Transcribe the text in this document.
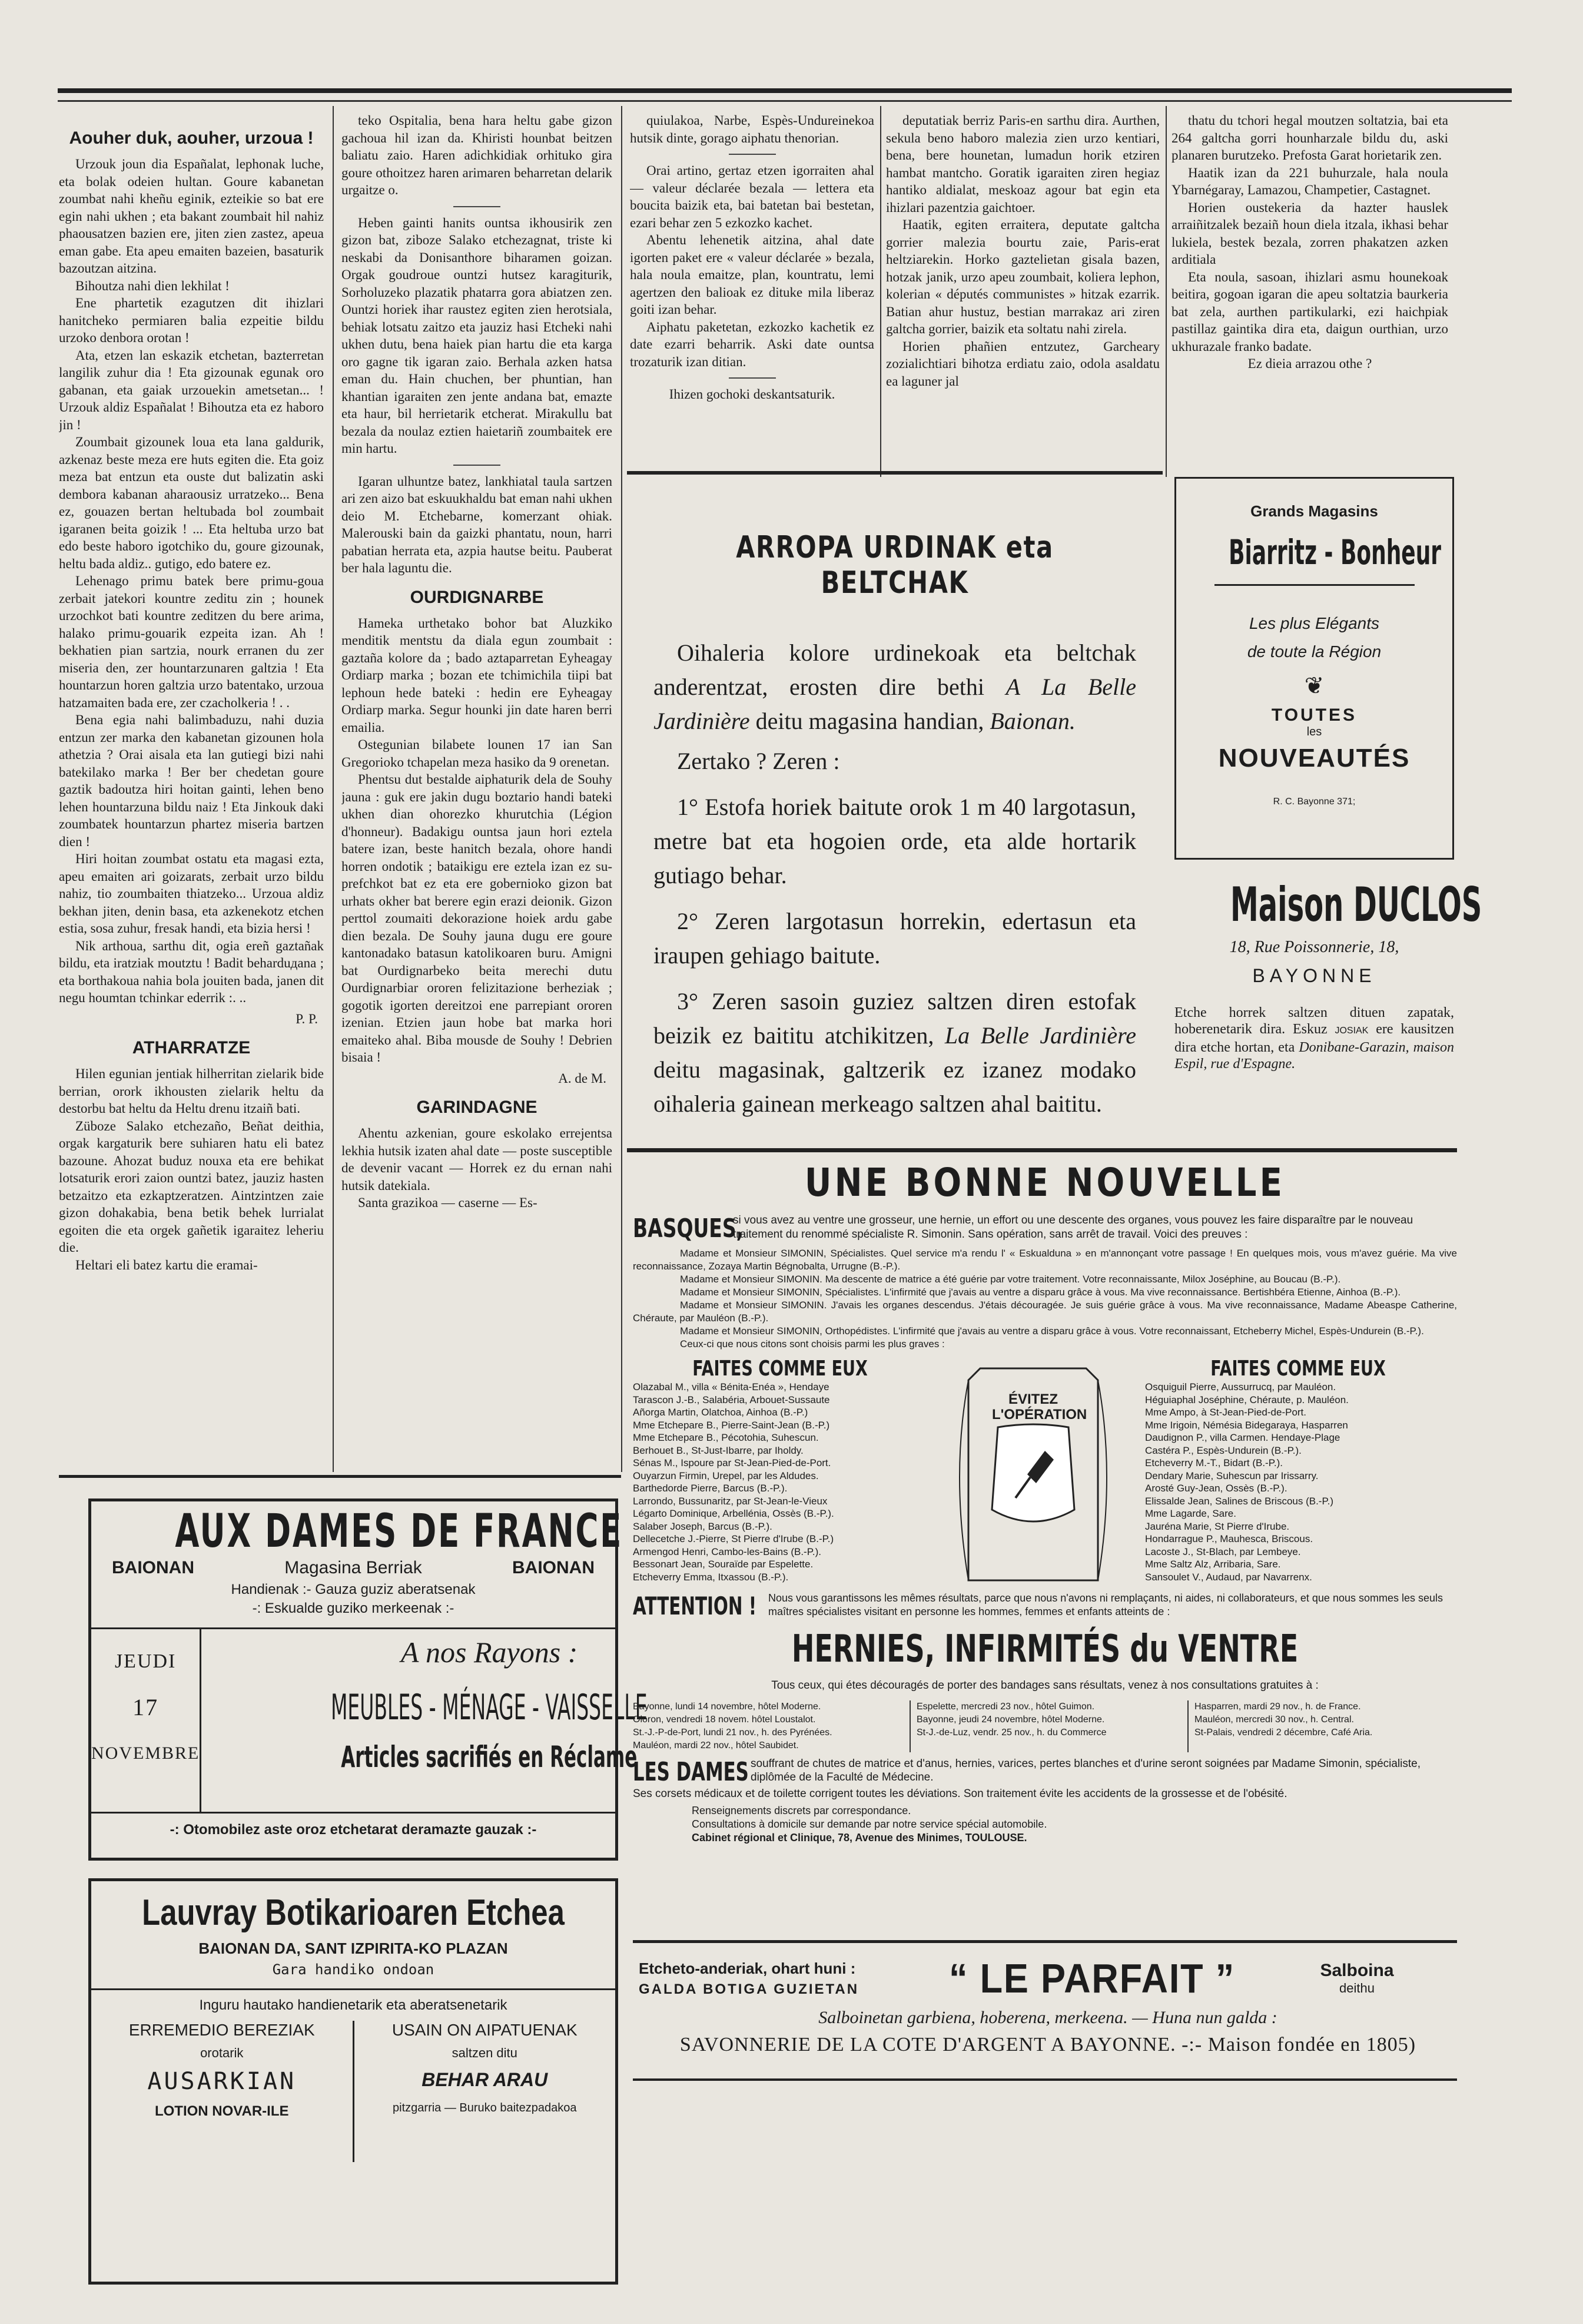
Aouher duk, aouher, urzoua !

Urzouk joun dia Españalat, lephonak luche, eta bolak odeien hultan. Goure kabanetan zoumbat nahi kheñu eginik, ezteikie so bat ere egin nahi ukhen ; eta bakant zoumbait hil nahiz phaousatzen bazien ere, jiten zien zastez, apeua eman gabe. Eta apeu emaiten bazeien, basaturik bazoutzan aitzina.

Bihoutza nahi dien lekhilat !

Ene phartetik ezagutzen dit ihizlari hanitcheko permiaren balia ezpeitie bildu urzoko denbora orotan !

Ata, etzen lan eskazik etchetan, bazterretan langilik zuhur dia ! Eta gizounak egunak oro gabanan, eta gaiak urzouekin ametsetan... ! Urzouk aldiz Españalat ! Bihoutza eta ez haboro jin !

Zoumbait gizounek loua eta lana galdurik, azkenaz beste meza ere huts egiten die. Eta goiz meza bat entzun eta ouste dut balizatin aski dembora kabanan aharaousiz urratzeko... Bena ez, gouazen bertan heltubada bol zoumbait igaranen beita goizik ! ... Eta heltuba urzo bat edo beste haboro igotchiko du, goure gizounak, heltu bada aldiz.. gutigo, edo batere ez.

Lehenago primu batek bere primu-goua zerbait jatekori kountre zeditu zin ; hounek urzochkot bati kountre zeditzen du bere arima, halako primu-gouarik ezpeita izan. Ah ! bekhatien pian sartzia, nourk erranen du zer miseria den, zer hountarzunaren galtzia ! Eta hountarzun horen galtzia urzo batentako, urzoua hatzamaiten bada ere, zer czacholkeria ! . .

Bena egia nahi balimbaduzu, nahi duzia entzun zer marka den kabanetan gizounen hola athetzia ? Orai aisala eta lan gutiegi bizi nahi batekilako marka ! Ber ber chedetan goure gaztik badoutza hiri hoitan gainti, lehen beno lehen hountarzuna bildu naiz ! Eta Jinkouk daki zoumbatek hountarzun phartez miseria bartzen dien !

Hiri hoitan zoumbat ostatu eta magasi ezta, apeu emaiten ari goizarats, zerbait urzo bildu nahiz, tio zoumbaiten thiatzeko... Urzoua aldiz bekhan jiten, denin basa, eta azkenekotz etchen estia, sosa zuhur, fresak handi, eta bizia hersi !

Nik arthoua, sarthu dit, ogia ereñ gaztañak bildu, eta iratziak moutztu ! Badit beharduдana ; eta borthakoua nahia bola jouiten bada, janen dit negu houmtan tchinkar ederrik :. ..

P. P.

ATHARRATZE

Hilen egunian jentiak hilherritan zielarik bide berrian, orork ikhousten zielarik heltu da destorbu bat heltu da Heltu drenu itzaiñ bati.

Züboze Salako etchezaño, Beñat deithia, orgak kargaturik bere suhiaren hatu eli batez bazoune. Ahozat buduz nouxa eta ere behikat lotsaturik erori zaion ountzi batez, jauziz hasten betzaitzo eta ezkaptzeratzen. Aintzintzen zaie gizon dohakabia, bena betik behek lurrialat egoiten die eta orgek gañetik igaraitez leheriu die.

Heltari eli batez kartu die eramai-

teko Ospitalia, bena hara heltu gabe gizon gachoua hil izan da. Khiristi hounbat beitzen baliatu zaio. Haren adichkidiak orhituko gira goure othoitzez haren arimaren beharretan delarik urgaitze o.

Heben gainti hanits ountsa ikhousirik zen gizon bat, ziboze Salako etchezagnat, triste ki neskabi da Donisanthore biharamen goizan. Orgak goudroue ountzi hutsez karagiturik, Sorholuzeko plazatik phatarra gora abiatzen zen. Ountzi horiek ihar raustez egiten zien herotsiala, behiak lotsatu zaitzo eta jauziz hasi Etcheki nahi ukhen dutu, bena haiek pian hartu die eta karga oro gagne tik igaran zaio. Berhala azken hatsa eman du. Hain chuchen, ber phuntian, han khantian igaraiten zen jente andana bat, emazte eta haur, bil herrietarik etcherat. Mirakullu bat bezala da noulaz eztien haietariñ zoumbaitek ere min hartu.

Igaran ulhuntze batez, lankhiatal taula sartzen ari zen aizo bat eskuukhaldu bat eman nahi ukhen deio M. Etchebarne, komerzant ohiak. Malerouski bain da gaizki phantatu, noun, harri pabatian herrata eta, azpia hautse beitu. Pauberat ber hala laguntu die.

OURDIGNARBE

Hameka urthetako bohor bat Aluzkiko menditik mentstu da diala egun zoumbait : gaztaña kolore da ; bado aztaparretan Eyheagay Ordiarp marka ; bozan ete tchimichila tiipi bat lephoun hede bateki : hedin ere Eyheagay Ordiarp marka. Segur hounki jin date haren berri emailia.

Ostegunian bilabete lounen 17 ian San Gregorioko tchapelan meza hasiko da 9 orenetan.

Phentsu dut bestalde aiphaturik dela de Souhy jauna : guk ere jakin dugu boztario handi bateki ukhen dian ohorezko khurutchia (Légion d'honneur). Badakigu ountsa jaun hori eztela batere izan, beste hanitch bezala, ohore handi horren ondotik ; bataikigu ere eztela izan ez su-prefchkot bat ez eta ere gobernioko gizon bat urhats okher bat berere egin erazi deionik. Gizon perttol zoumaiti dekorazione hoiek ardu gabe dien bezala. De Souhy jauna dugu ere goure kantonadako batasun katolikoaren buru. Amigni bat Ourdignarbeko beita merechi dutu Ourdignarbiar ororen felizitazione berheziak ; gogotik igorten dereitzoi ene parrepiant ororen izenian. Etzien jaun hobe bat marka hori emaiteko ahal. Biba mousde de Souhy ! Debrien bisaia !

A. de M.

GARINDAGNE

Ahentu azkenian, goure eskolako errejentsa lekhia hutsik izaten ahal date — poste susceptible de devenir vacant — Horrek ez du ernan nahi hutsik datekiala.

Santa grazikoa — caserne — Es-

quiulakoa, Narbe, Espès-Undureinekoa hutsik dinte, gorago aiphatu thenorian.

Orai artino, gertaz etzen igorraiten ahal — valeur déclarée bezala — lettera eta boucita baizik eta, bai batetan bai bestetan, ezari behar zen 5 ezkozko kachet.

Abentu lehenetik aitzina, ahal date igorten paket ere « valeur déclarée » bezala, hala noula emaitze, plan, kountratu, lemi agertzen den balioak ez dituke mila liberaz goiti izan behar.

Aiphatu paketetan, ezkozko kachetik ez date ezarri beharrik. Aski date ountsa trozaturik izan ditian.

Ihizen gochoki deskantsaturik.

deputatiak berriz Paris-en sarthu dira. Aurthen, sekula beno haboro malezia zien urzo kentiari, bena, bere hounetan, lumadun horik etziren hambat mantcho. Goratik igaraiten ziren hegiaz hantiko aldialat, meskoaz agour bat egin eta ihizlari pazentzia gaichtoer.

Haatik, egiten erraitera, deputate galtcha gorrier malezia bourtu zaie, Paris-erat heltziarekin. Horko gaztelietan gisala bazen, hotzak janik, urzo apeu zoumbait, koliera lephon, kolerian « députés communistes » hitzak ezarrik. Batian ahur hustuz, bestian marrakaz ari ziren galtcha gorrier, baizik eta soltatu nahi zirela.

Horien phañien entzutez, Garcheary zozialichtiari bihotza erdiatu zaio, odola asaldatu ea laguner jal

thatu du tchori hegal moutzen soltatzia, bai eta 264 galtcha gorri hounharzale bildu du, aski planaren burutzeko. Prefosta Garat horietarik zen.

Haatik izan da 221 buhurzale, hala noula Ybarnégaray, Lamazou, Champetier, Castagnet.

Horien oustekeria da hazter hauslek arraiñitzalek bezaiñ houn diela itzala, ikhasi behar lukiela, bestek bezala, zorren phakatzen azken arditiala

Eta noula, sasoan, ihizlari asmu hounekoak beitira, gogoan igaran die apeu soltatzia baurkeria bat zela, aurthen partikularki, ezi haichpiak pastillaz gaintika dira eta, daigun ourthian, urzo ukhurazale franko badate.

Ez dieia arrazou othe ?

ARROPA URDINAK eta BELTCHAK
Oihaleria kolore urdinekoak eta beltchak anderentzat, erosten dire bethi A La Belle Jardinière deitu magasina handian, Baionan.
Zertako ? Zeren :
1° Estofa horiek baitute orok 1 m 40 largotasun, metre bat eta hogoien orde, eta alde hortarik gutiago behar.
2° Zeren largotasun horrekin, edertasun eta iraupen gehiago baitute.
3° Zeren sasoin guziez saltzen diren estofak beizik ez baititu atchikitzen, La Belle Jardinière deitu magasinak, galtzerik ez izanez modako oihaleria gainean merkeago saltzen ahal baititu.
Grands Magasins
Biarritz - Bonheur
Les plus Elégants
de toute la Région
❦
TOUTES
les
NOUVEAUTÉS
R. C. Bayonne 371;
Maison DUCLOS
18, Rue Poissonnerie, 18,
BAYONNE
Etche horrek saltzen dituen zapatak, hoberenetarik dira. Eskuz JOSIAK ere kausitzen dira etche hortan, eta Donibane-Garazin, maison Espil, rue d'Espagne.
UNE BONNE NOUVELLE
BASQUES,
si vous avez au ventre une grosseur, une hernie, un effort ou une descente des organes, vous pouvez les faire disparaître par le nouveau traitement du renommé spécialiste R. Simonin. Sans opération, sans arrêt de travail. Voici des preuves :
Madame et Monsieur SIMONIN, Spécialistes. Quel service m'a rendu l' « Eskualduna » en m'annonçant votre passage ! En quelques mois, vous m'avez guérie. Ma vive reconnaissance, Zozaya Martin Bégnobalta, Urrugne (B.-P.).
Madame et Monsieur SIMONIN. Ma descente de matrice a été guérie par votre traitement. Votre reconnaissante, Milox Joséphine, au Boucau (B.-P.).
Madame et Monsieur SIMONIN, Spécialistes. L'infirmité que j'avais au ventre a disparu grâce à vous. Ma vive reconnaissance. Bertishbéra Etienne, Ainhoa (B.-P.).
Madame et Monsieur SIMONIN. J'avais les organes descendus. J'étais découragée. Je suis guérie grâce à vous. Ma vive reconnaissance, Madame Abeaspe Catherine, Chéraute, par Mauléon (B.-P.).
Madame et Monsieur SIMONIN, Orthopédistes. L'infirmité que j'avais au ventre a disparu grâce à vous. Votre reconnaissant, Etcheberry Michel, Espès-Undurein (B.-P.).
Ceux-ci que nous citons sont choisis parmi les plus graves :
FAITES COMME EUX
Olazabal M., villa « Bénita-Enéa », Hendaye
Tarascon J.-B., Salabéria, Arbouet-Sussaute
Añorga Martin, Olatchoa, Ainhoa (B.-P.)
Mme Etchepare B., Pierre-Saint-Jean (B.-P.)
Mme Etchepare B., Pécotohia, Suhescun.
Berhouet B., St-Just-Ibarre, par Iholdy.
Sénas M., Ispoure par St-Jean-Pied-de-Port.
Ouyarzun Firmin, Urepel, par les Aldudes.
Barthedorde Pierre, Barcus (B.-P.).
Larrondo, Bussunaritz, par St-Jean-le-Vieux
Légarto Dominique, Arbellénia, Ossès (B.-P.).
Salaber Joseph, Barcus (B.-P.).
Dellecetche J.-Pierre, St Pierre d'Irube (B.-P.)
Armengod Henri, Cambo-les-Bains (B.-P.).
Bessonart Jean, Souraïde par Espelette.
Etcheverry Emma, Itxassou (B.-P.).
ÉVITEZ
L'OPÉRATION
FAITES COMME EUX
Osquiguil Pierre, Aussurrucq, par Mauléon.
Héguiaphal Joséphine, Chéraute, p. Mauléon.
Mme Ampo, à St-Jean-Pied-de-Port.
Mme Irigoin, Némésia Bidegaraya, Hasparren
Daudignon P., villa Carmen. Hendaye-Plage
Castéra P., Espès-Undurein (B.-P.).
Etcheverry M.-T., Bidart (B.-P.).
Dendary Marie, Suhescun par Irissarry.
Arosté Guy-Jean, Ossès (B.-P.).
Elissalde Jean, Salines de Briscous (B.-P.)
Mme Lagarde, Sare.
Jauréna Marie, St Pierre d'Irube.
Hondarrague P., Mauhesca, Briscous.
Lacoste J., St-Blach, par Lembeye.
Mme Saltz Alz, Arribaria, Sare.
Sansoulet V., Audaud, par Navarrenx.
ATTENTION ! Nous vous garantissons les mêmes résultats, parce que nous n'avons ni remplaçants, ni aides, ni collaborateurs, et que nous sommes les seuls maîtres spécialistes visitant en personne les hommes, femmes et enfants atteints de :
HERNIES, INFIRMITÉS du VENTRE
Tous ceux, qui étes découragés de porter des bandages sans résultats, venez à nos consultations gratuites à :
Bayonne, lundi 14 novembre, hôtel Moderne.
Oloron, vendredi 18 novem. hôtel Loustalot.
St.-J.-P-de-Port, lundi 21 nov., h. des Pyrénées.
Mauléon, mardi 22 nov., hôtel Saubidet.
Espelette, mercredi 23 nov., hôtel Guimon.
Bayonne, jeudi 24 novembre, hôtel Moderne.
St-J.-de-Luz, vendr. 25 nov., h. du Commerce
Hasparren, mardi 29 nov., h. de France.
Mauléon, mercredi 30 nov., h. Central.
St-Palais, vendredi 2 décembre, Café Aria.
LES DAMES souffrant de chutes de matrice et d'anus, hernies, varices, pertes blanches et d'urine seront soignées par Madame Simonin, spécialiste, diplômée de la Faculté de Médecine.
Ses corsets médicaux et de toilette corrigent toutes les déviations. Son traitement évite les accidents de la grossesse et de l'obésité.
Renseignements discrets par correspondance.
Consultations à domicile sur demande par notre service spécial automobile.
Cabinet régional et Clinique, 78, Avenue des Minimes, TOULOUSE.
AUX DAMES DE FRANCE
BAIONAN	Magasina Berriak	BAIONAN
Handienak :- Gauza guziz aberatsenak
-: Eskualde guziko merkeenak :-
JEUDI
17
NOVEMBRE
A nos Rayons :
MEUBLES - MÉNAGE - VAISSELLE
Articles sacrifiés en Réclame
-: Otomobilez aste oroz etchetarat deramazte gauzak :-
Lauvray Botikarioaren Etchea
BAIONAN DA, SANT IZPIRITA-KO PLAZAN
Gara handiko ondoan
Inguru hautako handienetarik eta aberatsenetarik
ERREMEDIO BEREZIAK
orotarik
AUSARKIAN
LOTION NOVAR-ILE
USAIN ON AIPATUENAK
saltzen ditu
BEHAR ARAU
pitzgarria — Buruko baitezpadakoa
Etcheto-anderiak, ohart huni :
GALDA BOTIGA GUZIETAN	“ LE PARFAIT ”	Salboina
deithu
Salboinetan garbiena, hoberena, merkeena. — Huna nun galda :
SAVONNERIE DE LA COTE D'ARGENT A BAYONNE. -:- Maison fondée en 1805)
